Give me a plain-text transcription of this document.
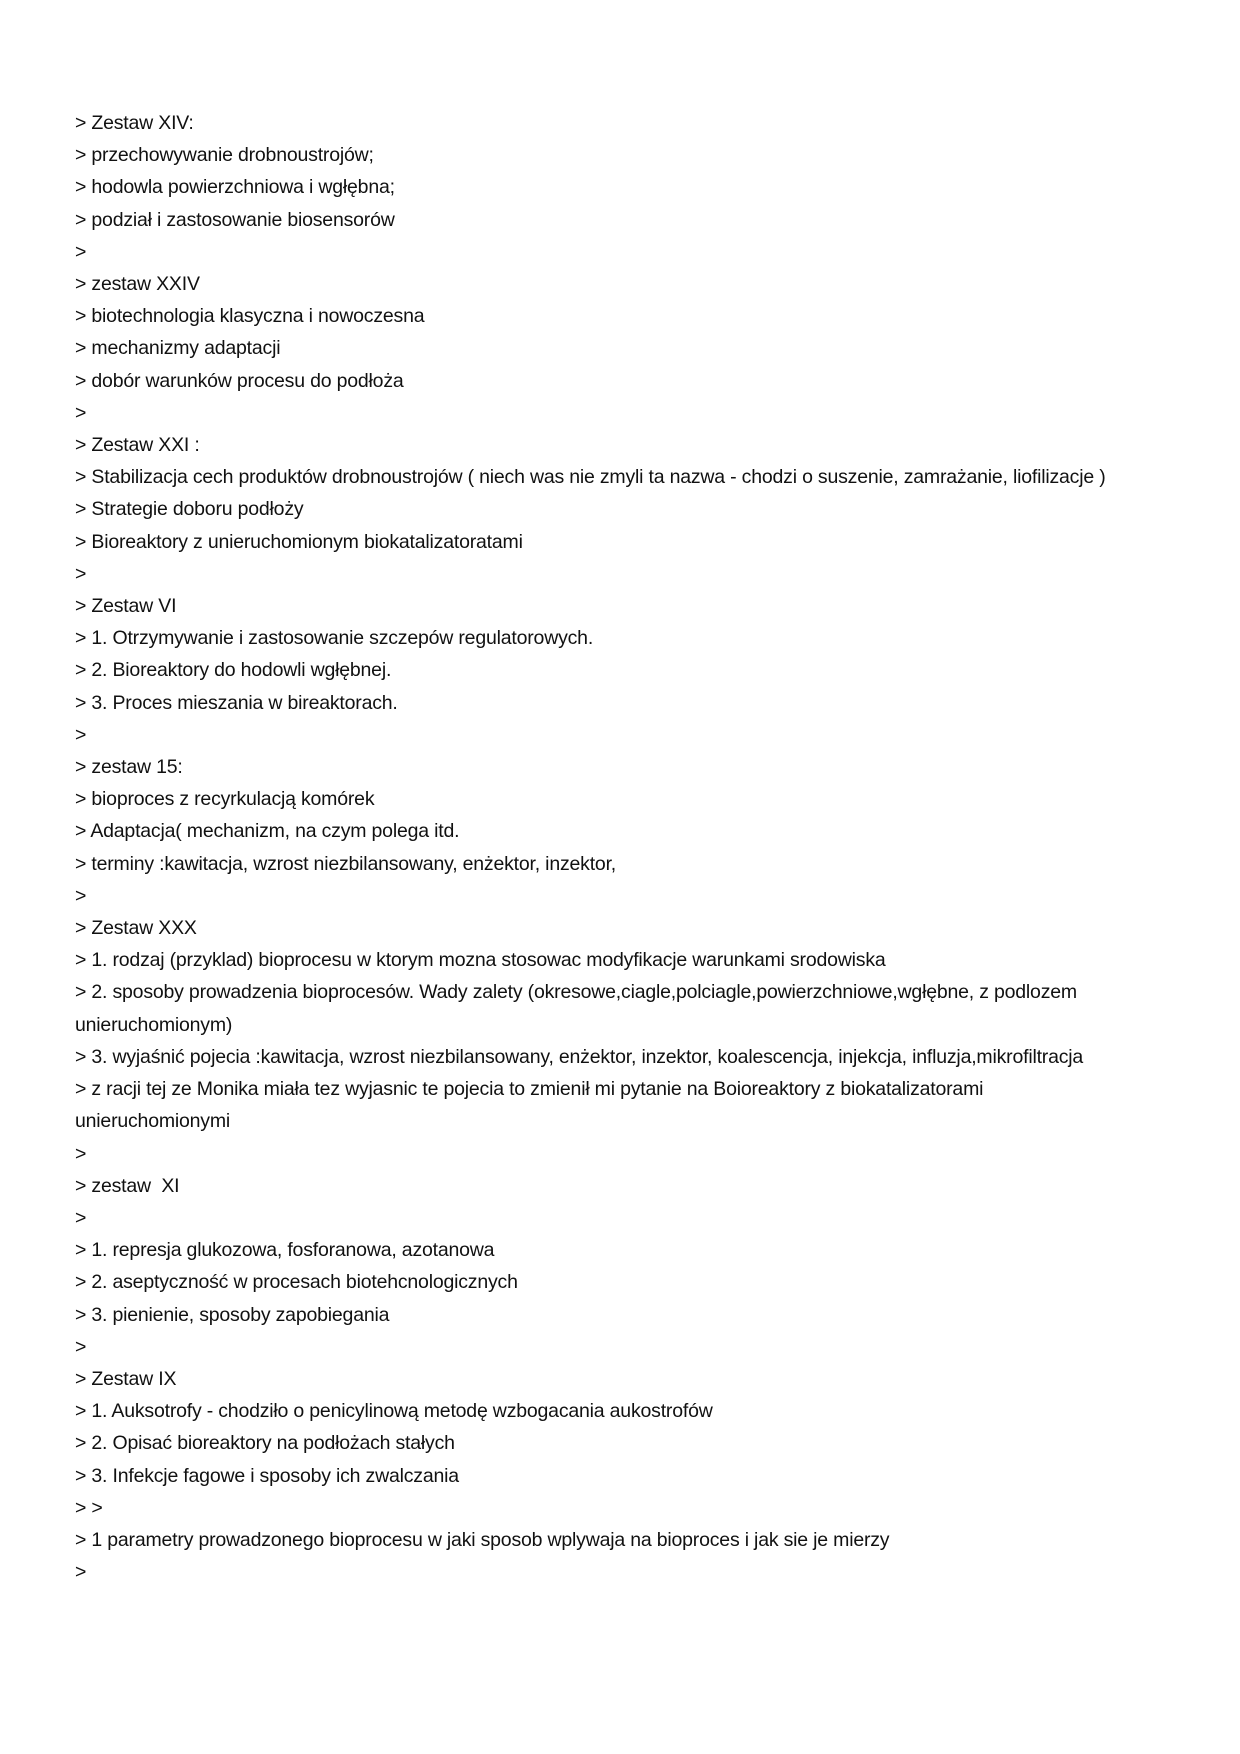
> Zestaw XIV:
> przechowywanie drobnoustrojów;
> hodowla powierzchniowa i wgłębna;
> podział i zastosowanie biosensorów
>
> zestaw XXIV
> biotechnologia klasyczna i nowoczesna
> mechanizmy adaptacji
> dobór warunków procesu do podłoża
>
> Zestaw XXI :
> Stabilizacja cech produktów drobnoustrojów ( niech was nie zmyli ta nazwa - chodzi o suszenie, zamrażanie, liofilizacje )
> Strategie doboru podłoży
> Bioreaktory z unieruchomionym biokatalizatoratami
>
> Zestaw VI
> 1. Otrzymywanie i zastosowanie szczepów regulatorowych.
> 2. Bioreaktory do hodowli wgłębnej.
> 3. Proces mieszania w bireaktorach.
>
> zestaw 15:
> bioproces z recyrkulacją komórek
> Adaptacja( mechanizm, na czym polega itd.
> terminy :kawitacja, wzrost niezbilansowany, enżektor, inzektor,
>
> Zestaw XXX
> 1. rodzaj (przyklad) bioprocesu w ktorym mozna stosowac modyfikacje warunkami srodowiska
> 2. sposoby prowadzenia bioprocesów. Wady zalety (okresowe,ciagle,polciagle,powierzchniowe,wgłębne, z podlozem unieruchomionym)
> 3. wyjaśnić pojecia :kawitacja, wzrost niezbilansowany, enżektor, inzektor, koalescencja, injekcja, influzja,mikrofiltracja
> z racji tej ze Monika miała tez wyjasnic te pojecia to zmienił mi pytanie na Boioreaktory z biokatalizatorami unieruchomionymi
>
> zestaw  XI
>
> 1. represja glukozowa, fosforanowa, azotanowa
> 2. aseptyczność w procesach biotehcnologicznych
> 3. pienienie, sposoby zapobiegania
>
> Zestaw IX
> 1. Auksotrofy - chodziło o penicylinową metodę wzbogacania aukostrofów
> 2. Opisać bioreaktory na podłożach stałych
> 3. Infekcje fagowe i sposoby ich zwalczania
> >
> 1 parametry prowadzonego bioprocesu w jaki sposob wplywaja na bioproces i jak sie je mierzy
>
